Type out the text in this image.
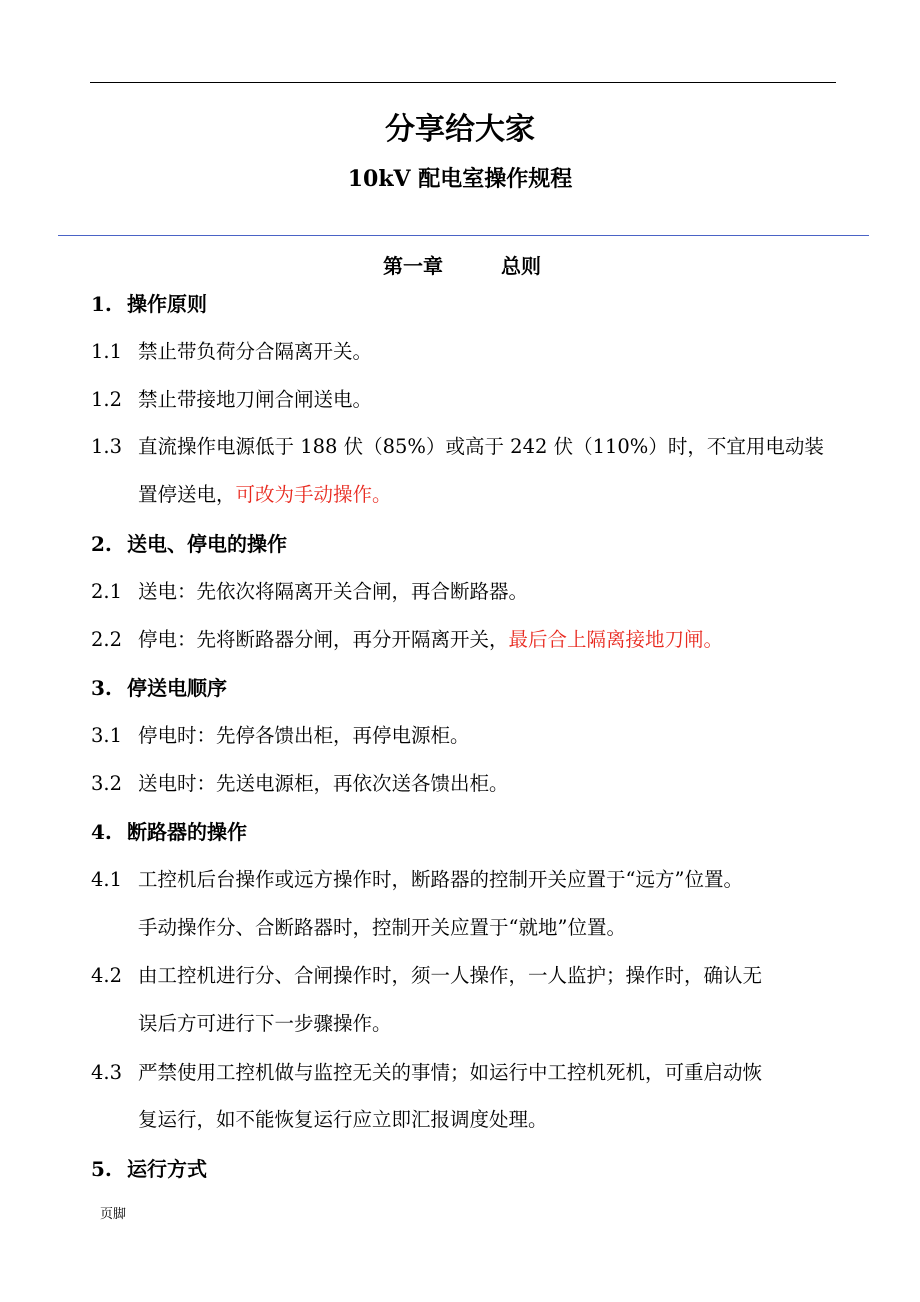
分享给大家
10kV 配电室操作规程
第一章	总则
1. 操作原则
1.1 禁止带负荷分合隔离开关。
1.2 禁止带接地刀闸合闸送电。
1.3 直流操作电源低于 188 伏（85%）或高于 242 伏（110%）时，不宜用电动装
置停送电，可改为手动操作。
2. 送电、停电的操作
2.1 送电：先依次将隔离开关合闸，再合断路器。
2.2 停电：先将断路器分闸，再分开隔离开关，最后合上隔离接地刀闸。
3. 停送电顺序
3.1 停电时：先停各馈出柜，再停电源柜。
3.2 送电时：先送电源柜，再依次送各馈出柜。
4. 断路器的操作
4.1 工控机后台操作或远方操作时，断路器的控制开关应置于“远方”位置。
手动操作分、合断路器时，控制开关应置于“就地”位置。
4.2 由工控机进行分、合闸操作时，须一人操作，一人监护；操作时，确认无
误后方可进行下一步骤操作。
4.3 严禁使用工控机做与监控无关的事情；如运行中工控机死机，可重启动恢
复运行，如不能恢复运行应立即汇报调度处理。
5. 运行方式
页脚
